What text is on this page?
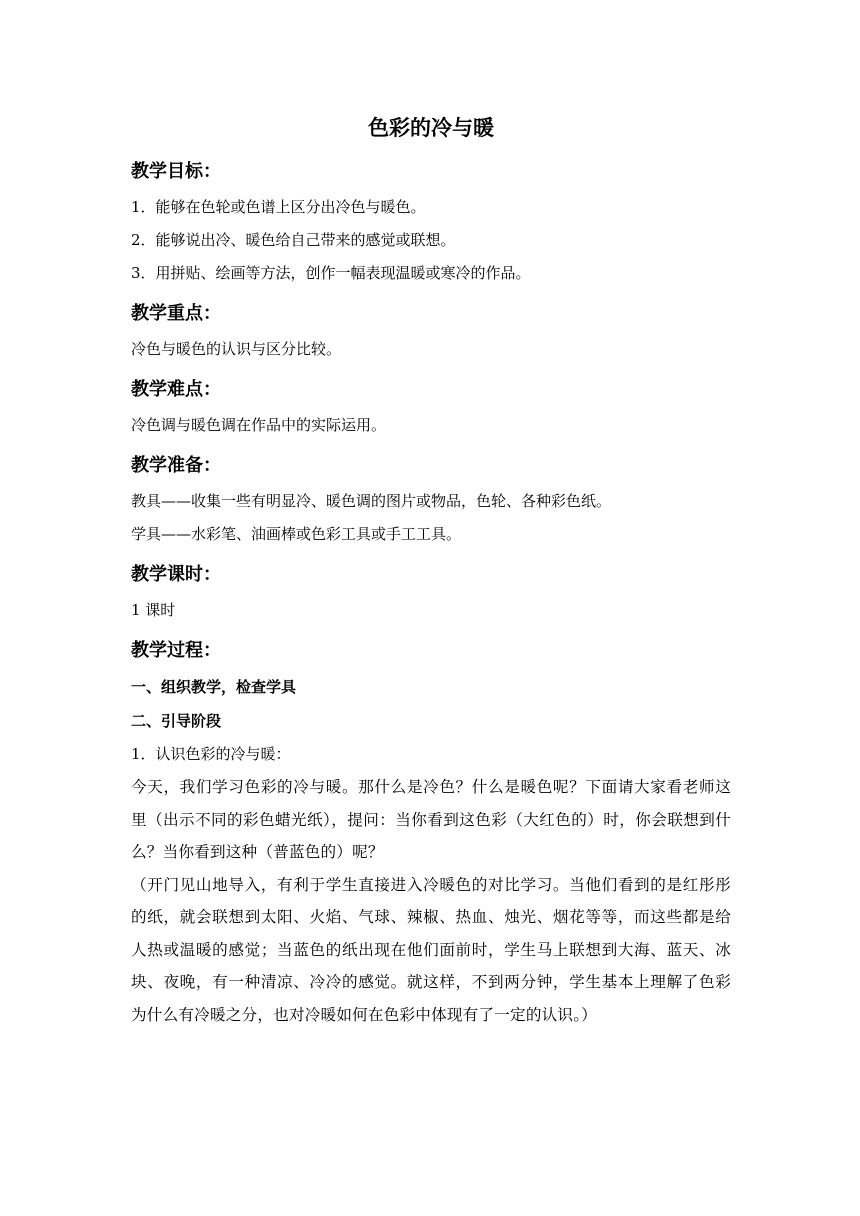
色彩的冷与暖
教学目标：

1．能够在色轮或色谱上区分出冷色与暖色。

2．能够说出冷、暖色给自己带来的感觉或联想。

3．用拼贴、绘画等方法，创作一幅表现温暖或寒冷的作品。

教学重点：

冷色与暖色的认识与区分比较。

教学难点：

冷色调与暖色调在作品中的实际运用。

教学准备：

教具——收集一些有明显冷、暖色调的图片或物品，色轮、各种彩色纸。

学具——水彩笔、油画棒或色彩工具或手工工具。

教学课时：

1 课时

教学过程：

一、组织教学，检查学具

二、引导阶段

1．认识色彩的冷与暖：

今天，我们学习色彩的冷与暖。那什么是冷色？什么是暖色呢？下面请大家看老师这里（出示不同的彩色蜡光纸），提问：当你看到这色彩（大红色的）时，你会联想到什么？当你看到这种（普蓝色的）呢？

（开门见山地导入，有利于学生直接进入冷暖色的对比学习。当他们看到的是红彤彤的纸，就会联想到太阳、火焰、气球、辣椒、热血、烛光、烟花等等，而这些都是给人热或温暖的感觉；当蓝色的纸出现在他们面前时，学生马上联想到大海、蓝天、冰块、夜晚，有一种清凉、冷冷的感觉。就这样，不到两分钟，学生基本上理解了色彩为什么有冷暖之分，也对冷暖如何在色彩中体现有了一定的认识。）
